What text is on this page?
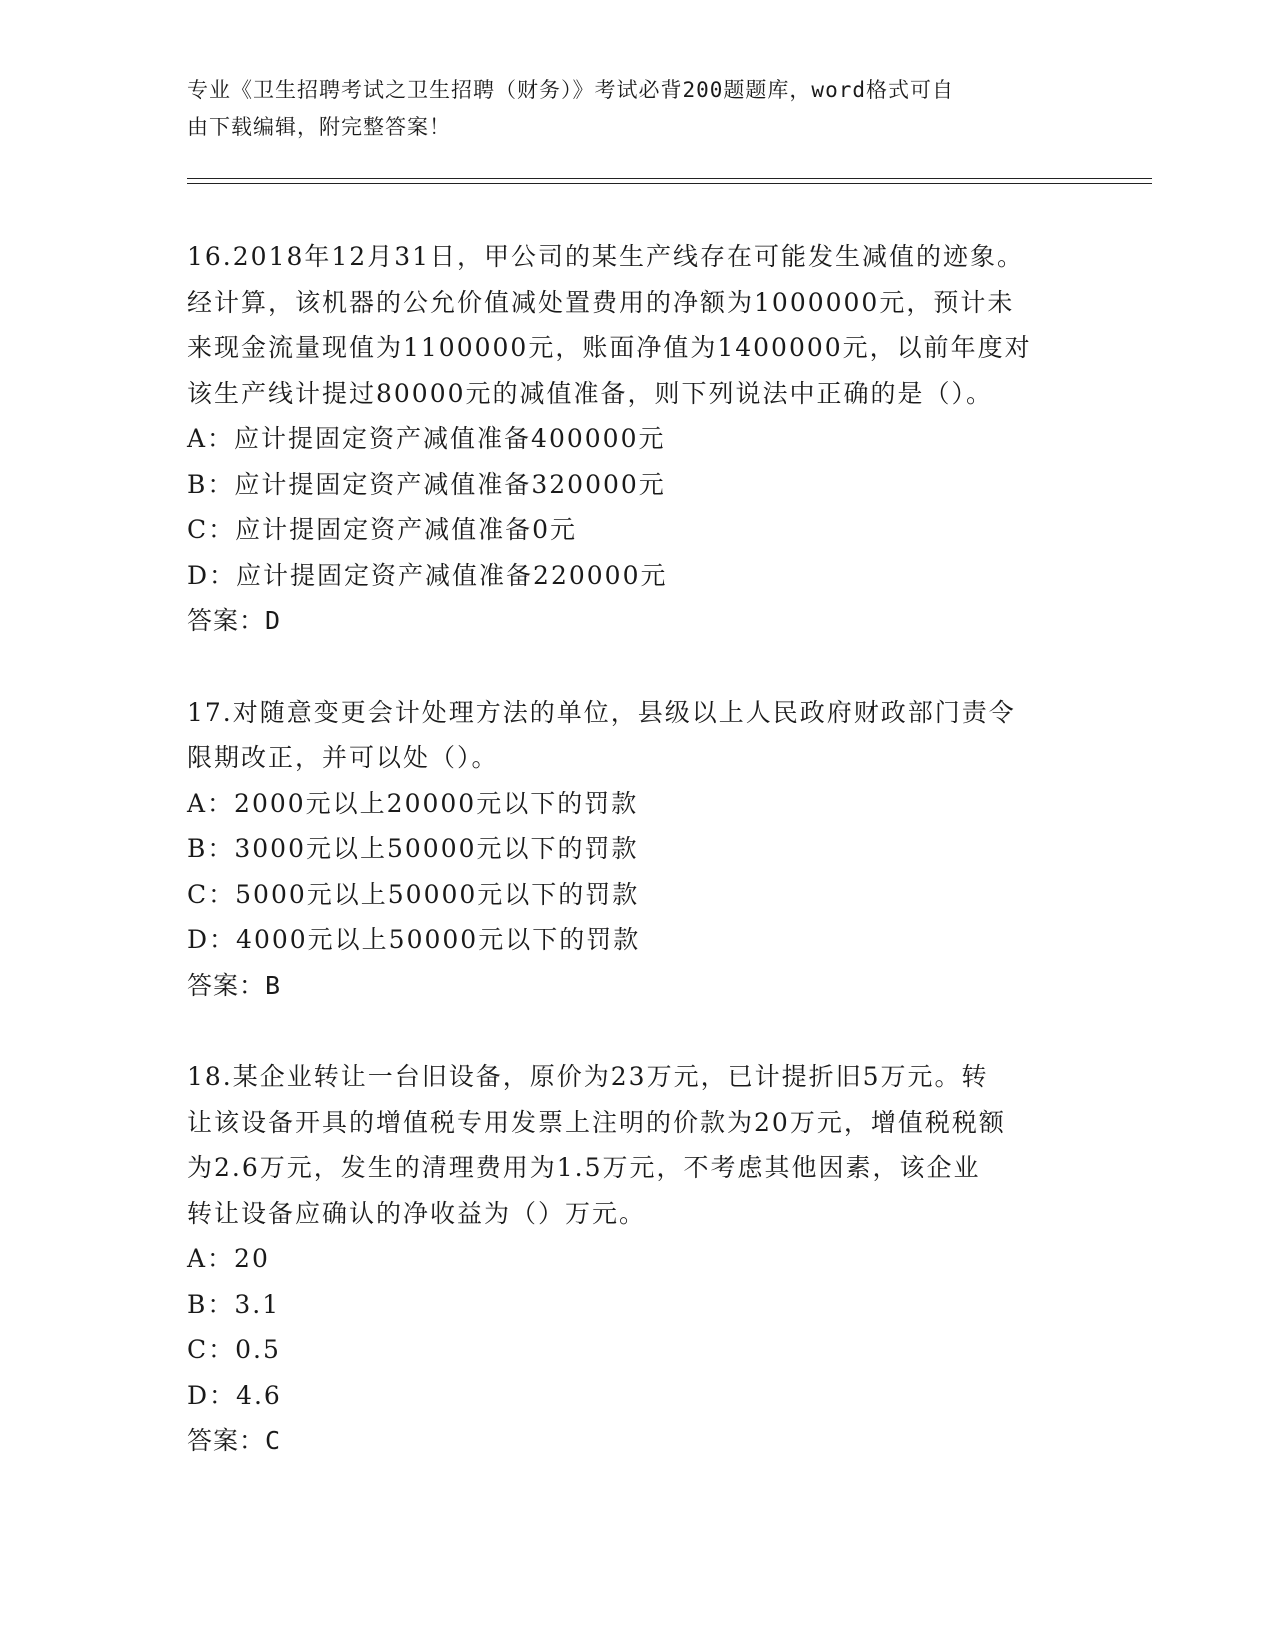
专业《卫生招聘考试之卫生招聘（财务）》考试必背200题题库，word格式可自
由下载编辑，附完整答案！
16.2018年12月31日，甲公司的某生产线存在可能发生减值的迹象。
经计算，该机器的公允价值减处置费用的净额为1000000元，预计未
来现金流量现值为1100000元，账面净值为1400000元，以前年度对
该生产线计提过80000元的减值准备，则下列说法中正确的是（）。
A：应计提固定资产减值准备400000元
B：应计提固定资产减值准备320000元
C：应计提固定资产减值准备0元
D：应计提固定资产减值准备220000元
答案：D
17.对随意变更会计处理方法的单位，县级以上人民政府财政部门责令
限期改正，并可以处（）。
A：2000元以上20000元以下的罚款
B：3000元以上50000元以下的罚款
C：5000元以上50000元以下的罚款
D：4000元以上50000元以下的罚款
答案：B
18.某企业转让一台旧设备，原价为23万元，已计提折旧5万元。转
让该设备开具的增值税专用发票上注明的价款为20万元，增值税税额
为2.6万元，发生的清理费用为1.5万元，不考虑其他因素，该企业
转让设备应确认的净收益为（）万元。
A：20
B：3.1
C：0.5
D：4.6
答案：C
